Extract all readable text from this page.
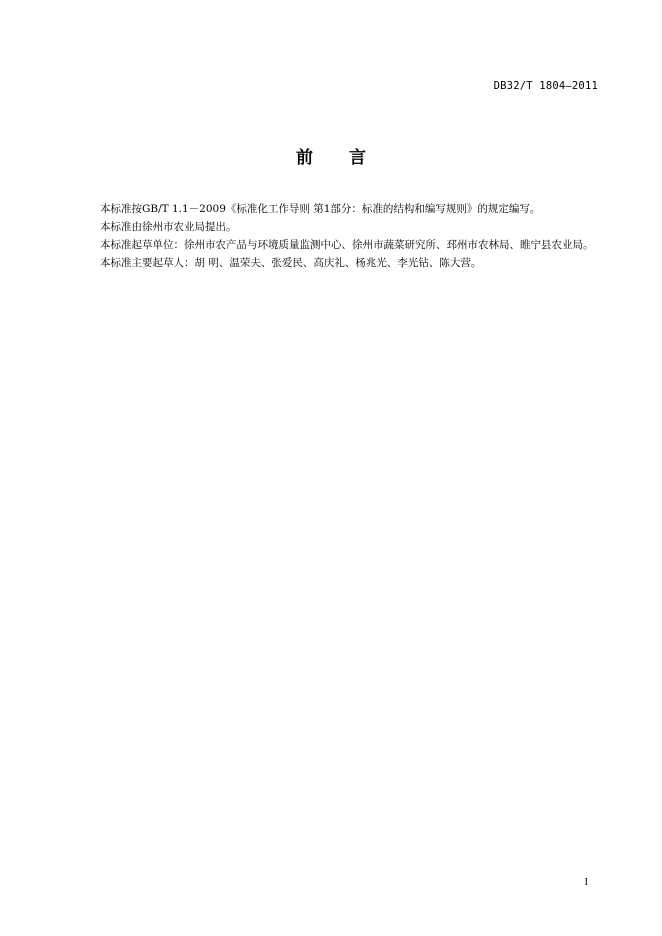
DB32/T 1804—2011
前言

本标准按GB/T 1.1－2009《标准化工作导则 第1部分：标准的结构和编写规则》的规定编写。

本标准由徐州市农业局提出。

本标准起草单位：徐州市农产品与环境质量监测中心、徐州市蔬菜研究所、邳州市农林局、睢宁县农业局。

本标准主要起草人：胡 明、温荣夫、张爱民、高庆礼、杨兆光、李光钻、陈大营。

I
